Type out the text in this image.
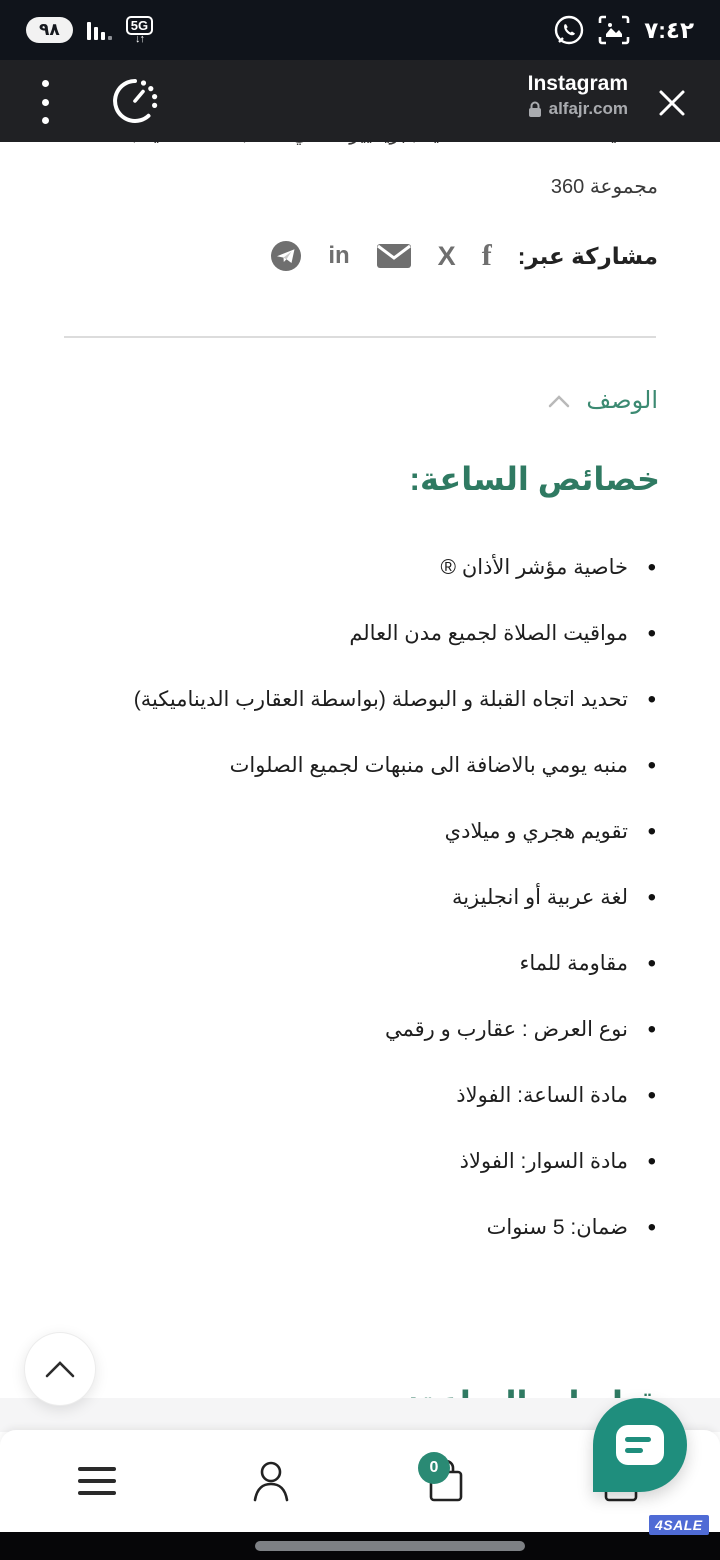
مجموعة 360
مشاركة عبر:
f
X
in
الوصف
خصائص الساعة:
• خاصية مؤشر الأذان ®
• مواقيت الصلاة لجميع مدن العالم
• تحديد اتجاه القبلة و البوصلة (بواسطة العقارب الديناميكية)
• منبه يومي بالاضافة الى منبهات لجميع الصلوات
• تقويم هجري و ميلادي
• لغة عربية أو انجليزية
• مقاومة للماء
• نوع العرض : عقارب و رقمي
• مادة الساعة: الفولاذ
• مادة السوار: الفولاذ
• ضمان: 5 سنوات
٩٨	5G
↓↑	٧:٤٢
Instagram
alfajr.com
0
4SALE
